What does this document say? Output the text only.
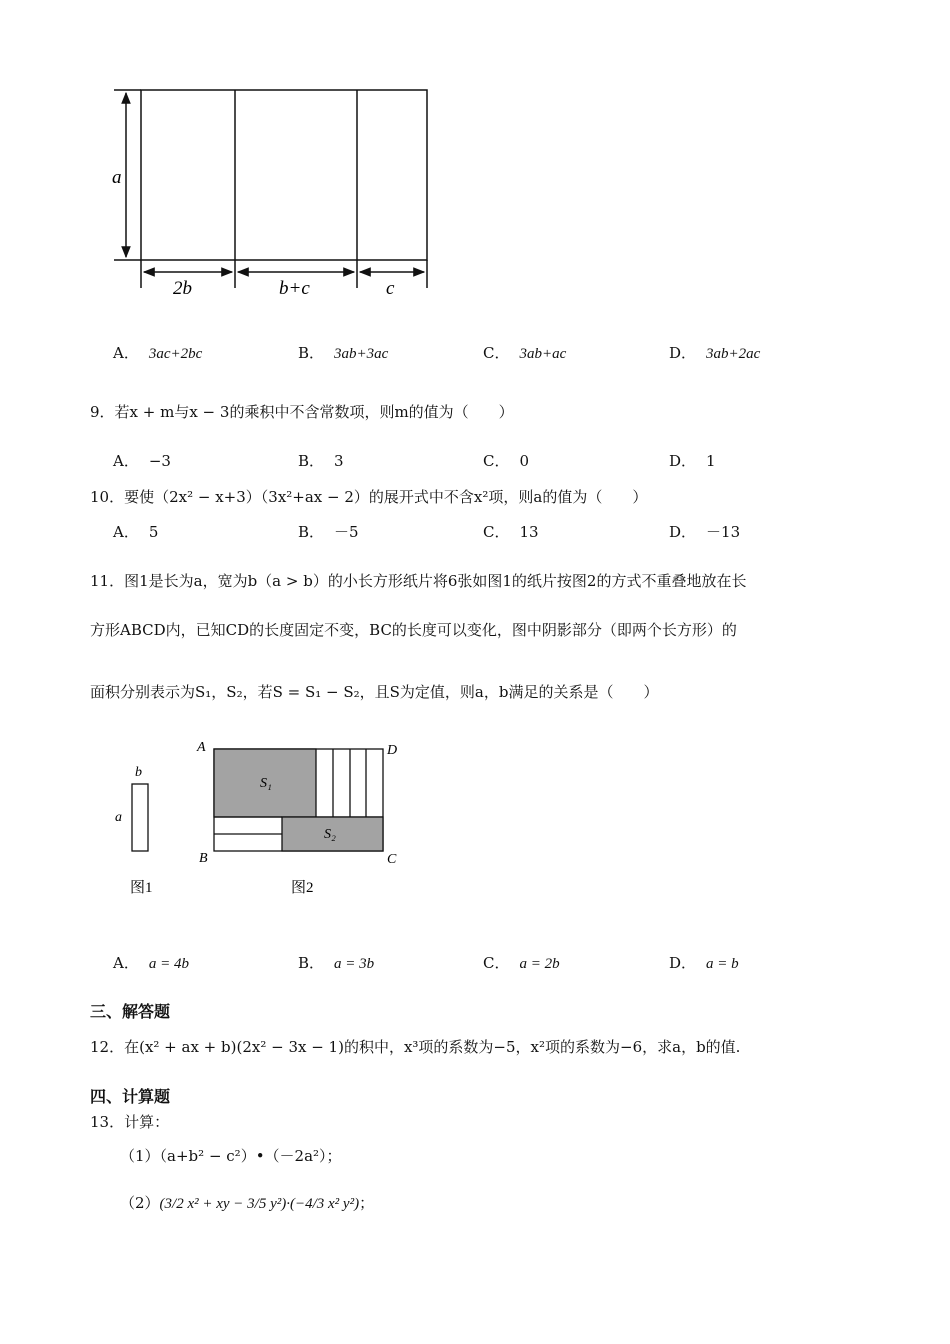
a
2b	b+c	c
A． 3ac+2bc	B． 3ab+3ac	C． 3ab+ac	D． 3ab+2ac
9．若x + m与x − 3的乘积中不含常数项，则m的值为（　　）
A． −3	B． 3	C． 0	D． 1
10．要使（2x² − x+3）（3x²+ax − 2）的展开式中不含x²项，则a的值为（　　）
A． 5	B． －5	C． 13	D． －13
11．图1是长为a，宽为b（a > b）的小长方形纸片将6张如图1的纸片按图2的方式不重叠地放在长
方形ABCD内，已知CD的长度固定不变，BC的长度可以变化，图中阴影部分（即两个长方形）的
面积分别表示为S₁，S₂，若S = S₁ − S₂，且S为定值，则a，b满足的关系是（　　）
b
a
图1
A	D
B	C
S₁
S₂
图2
A． a = 4b	B． a = 3b	C． a = 2b	D． a = b
三、解答题
12．在(x² + ax + b)(2x² − 3x − 1)的积中，x³项的系数为−5，x²项的系数为−6，求a，b的值.
四、计算题
13．计算：
（1）（a+b² − c²）•（－2a²）；
（2）(3/2 x² + xy − 3/5 y²)·(−4/3 x² y²)；
